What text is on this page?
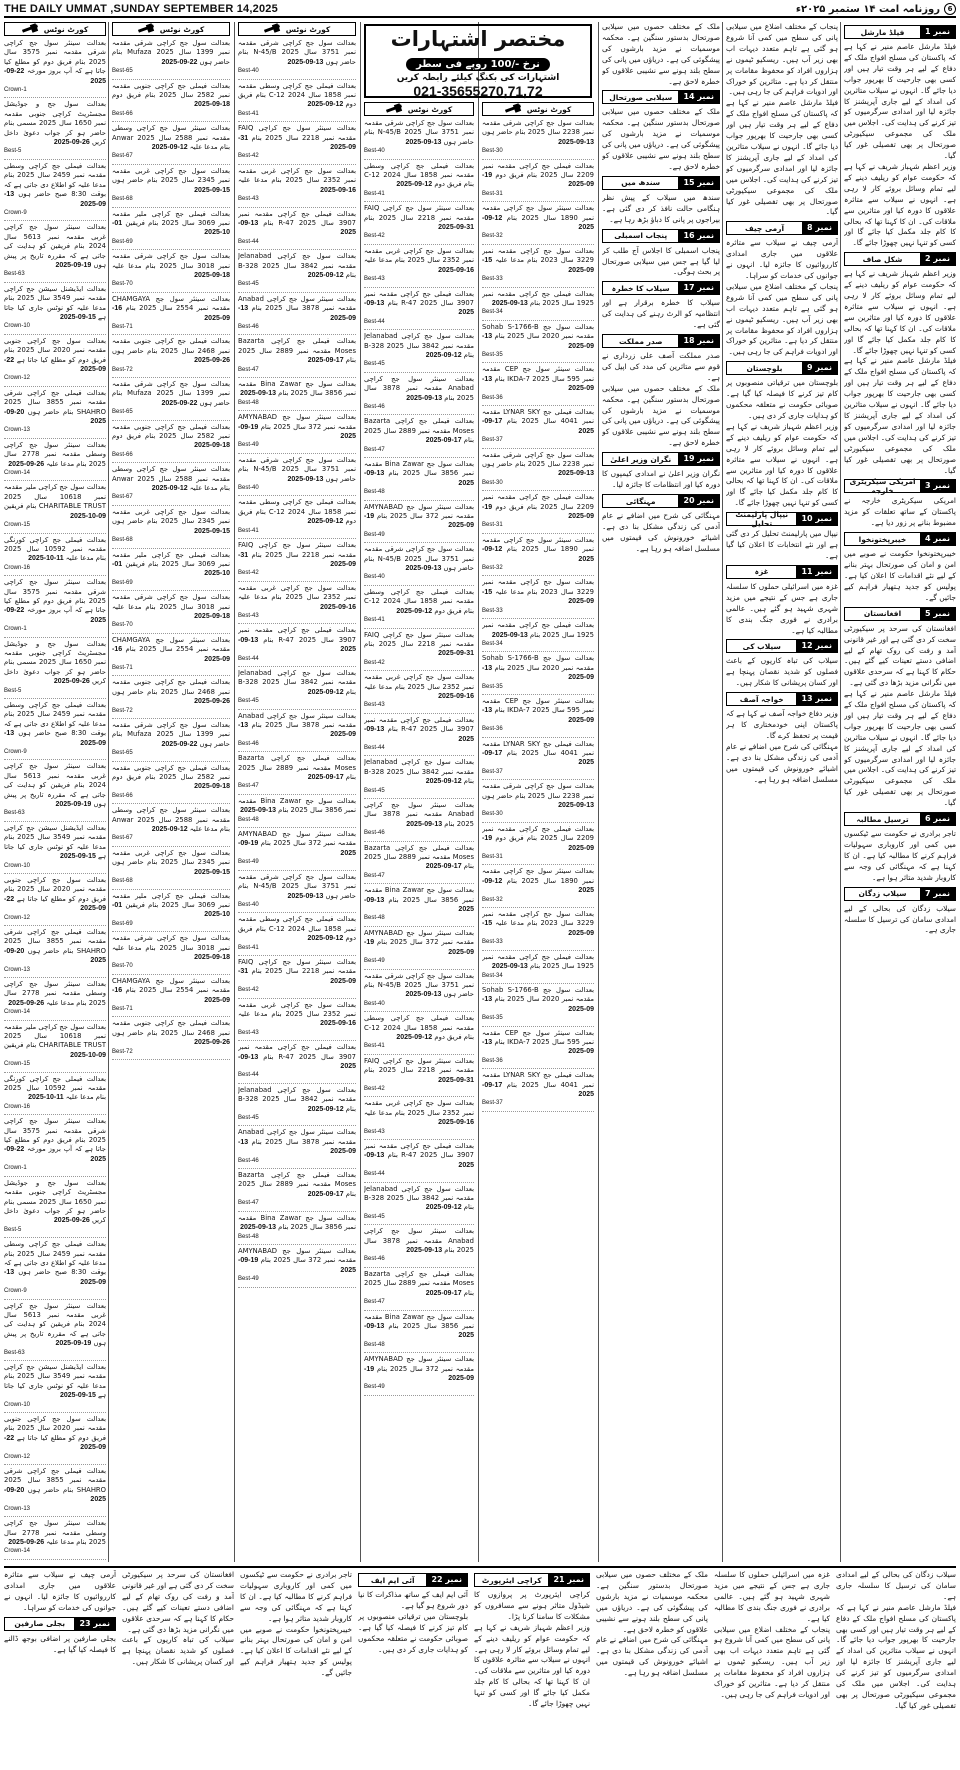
THE DAILY UMMAT ,SUNDAY SEPTEMBER 14,2025	روزنامہ امت ۱۴ ستمبر ۲۰۲۵ء	6
نمبر 1
فیلڈ مارشل
فیلڈ مارشل عاصم منیر نے کہا ہے کہ پاکستان کی مسلح افواج ملک کے دفاع کے لیے ہر وقت تیار ہیں اور کسی بھی جارحیت کا بھرپور جواب دیا جائے گا۔ انہوں نے سیلاب متاثرین کی امداد کے لیے جاری آپریشنز کا جائزہ لیا اور امدادی سرگرمیوں کو تیز کرنے کی ہدایت کی۔ اجلاس میں ملک کی مجموعی سیکیورٹی صورتحال پر بھی تفصیلی غور کیا گیا۔
وزیر اعظم شہباز شریف نے کہا ہے کہ حکومت عوام کو ریلیف دینے کے لیے تمام وسائل بروئے کار لا رہی ہے۔ انہوں نے سیلاب سے متاثرہ علاقوں کا دورہ کیا اور متاثرین سے ملاقات کی۔ ان کا کہنا تھا کہ بحالی کا کام جلد مکمل کیا جائے گا اور کسی کو تنہا نہیں چھوڑا جائے گا۔
نمبر 2
شکل صاف
وزیر اعظم شہباز شریف نے کہا ہے کہ حکومت عوام کو ریلیف دینے کے لیے تمام وسائل بروئے کار لا رہی ہے۔ انہوں نے سیلاب سے متاثرہ علاقوں کا دورہ کیا اور متاثرین سے ملاقات کی۔ ان کا کہنا تھا کہ بحالی کا کام جلد مکمل کیا جائے گا اور کسی کو تنہا نہیں چھوڑا جائے گا۔
فیلڈ مارشل عاصم منیر نے کہا ہے کہ پاکستان کی مسلح افواج ملک کے دفاع کے لیے ہر وقت تیار ہیں اور کسی بھی جارحیت کا بھرپور جواب دیا جائے گا۔ انہوں نے سیلاب متاثرین کی امداد کے لیے جاری آپریشنز کا جائزہ لیا اور امدادی سرگرمیوں کو تیز کرنے کی ہدایت کی۔ اجلاس میں ملک کی مجموعی سیکیورٹی صورتحال پر بھی تفصیلی غور کیا گیا۔
نمبر 3
امریکی سیکریٹری خارجہ
امریکی سیکریٹری خارجہ نے پاکستان کے ساتھ تعلقات کو مزید مضبوط بنانے پر زور دیا ہے۔
نمبر 4
خیبرپختونخوا
خیبرپختونخوا حکومت نے صوبے میں امن و امان کی صورتحال بہتر بنانے کے لیے نئے اقدامات کا اعلان کیا ہے۔ پولیس کو جدید ہتھیار فراہم کیے جائیں گے۔
نمبر 5
افغانستان
افغانستان کی سرحد پر سیکیورٹی سخت کر دی گئی ہے اور غیر قانونی آمد و رفت کی روک تھام کے لیے اضافی دستے تعینات کیے گئے ہیں۔ حکام کا کہنا ہے کہ سرحدی علاقوں میں نگرانی مزید بڑھا دی گئی ہے۔
فیلڈ مارشل عاصم منیر نے کہا ہے کہ پاکستان کی مسلح افواج ملک کے دفاع کے لیے ہر وقت تیار ہیں اور کسی بھی جارحیت کا بھرپور جواب دیا جائے گا۔ انہوں نے سیلاب متاثرین کی امداد کے لیے جاری آپریشنز کا جائزہ لیا اور امدادی سرگرمیوں کو تیز کرنے کی ہدایت کی۔ اجلاس میں ملک کی مجموعی سیکیورٹی صورتحال پر بھی تفصیلی غور کیا گیا۔
نمبر 6
ترسیل مطالبہ
تاجر برادری نے حکومت سے ٹیکسوں میں کمی اور کاروباری سہولیات فراہم کرنے کا مطالبہ کیا ہے۔ ان کا کہنا ہے کہ مہنگائی کی وجہ سے کاروبار شدید متاثر ہوا ہے۔
نمبر 7
سیلاب زدگان
سیلاب زدگان کی بحالی کے لیے امدادی سامان کی ترسیل کا سلسلہ جاری ہے۔
پنجاب کے مختلف اضلاع میں سیلابی پانی کی سطح میں کمی آنا شروع ہو گئی ہے تاہم متعدد دیہات اب بھی زیر آب ہیں۔ ریسکیو ٹیموں نے ہزاروں افراد کو محفوظ مقامات پر منتقل کر دیا ہے۔ متاثرین کو خوراک اور ادویات فراہم کی جا رہی ہیں۔
فیلڈ مارشل عاصم منیر نے کہا ہے کہ پاکستان کی مسلح افواج ملک کے دفاع کے لیے ہر وقت تیار ہیں اور کسی بھی جارحیت کا بھرپور جواب دیا جائے گا۔ انہوں نے سیلاب متاثرین کی امداد کے لیے جاری آپریشنز کا جائزہ لیا اور امدادی سرگرمیوں کو تیز کرنے کی ہدایت کی۔ اجلاس میں ملک کی مجموعی سیکیورٹی صورتحال پر بھی تفصیلی غور کیا گیا۔
نمبر 8
آرمی چیف
آرمی چیف نے سیلاب سے متاثرہ علاقوں میں جاری امدادی کارروائیوں کا جائزہ لیا۔ انہوں نے جوانوں کی خدمات کو سراہا۔
پنجاب کے مختلف اضلاع میں سیلابی پانی کی سطح میں کمی آنا شروع ہو گئی ہے تاہم متعدد دیہات اب بھی زیر آب ہیں۔ ریسکیو ٹیموں نے ہزاروں افراد کو محفوظ مقامات پر منتقل کر دیا ہے۔ متاثرین کو خوراک اور ادویات فراہم کی جا رہی ہیں۔
نمبر 9
بلوچستان
بلوچستان میں ترقیاتی منصوبوں پر کام تیز کرنے کا فیصلہ کیا گیا ہے۔ صوبائی حکومت نے متعلقہ محکموں کو ہدایات جاری کر دی ہیں۔
وزیر اعظم شہباز شریف نے کہا ہے کہ حکومت عوام کو ریلیف دینے کے لیے تمام وسائل بروئے کار لا رہی ہے۔ انہوں نے سیلاب سے متاثرہ علاقوں کا دورہ کیا اور متاثرین سے ملاقات کی۔ ان کا کہنا تھا کہ بحالی کا کام جلد مکمل کیا جائے گا اور کسی کو تنہا نہیں چھوڑا جائے گا۔
نمبر 10
نیپال پارلیمنٹ تحلیل
نیپال میں پارلیمنٹ تحلیل کر دی گئی ہے اور نئے انتخابات کا اعلان کیا گیا ہے۔
نمبر 11
غزہ
غزہ میں اسرائیلی حملوں کا سلسلہ جاری ہے جس کے نتیجے میں مزید شہری شہید ہو گئے ہیں۔ عالمی برادری نے فوری جنگ بندی کا مطالبہ کیا ہے۔
نمبر 12
سیلاب کی
سیلاب کی تباہ کاریوں کے باعث فصلوں کو شدید نقصان پہنچا ہے اور کسان پریشانی کا شکار ہیں۔
نمبر 13
خواجہ آصف
وزیر دفاع خواجہ آصف نے کہا ہے کہ پاکستان اپنی خودمختاری کا ہر قیمت پر تحفظ کرے گا۔
مہنگائی کی شرح میں اضافے نے عام آدمی کی زندگی مشکل بنا دی ہے۔ اشیائے خورونوش کی قیمتوں میں مسلسل اضافہ ہو رہا ہے۔
ملک کے مختلف حصوں میں سیلابی صورتحال بدستور سنگین ہے۔ محکمہ موسمیات نے مزید بارشوں کی پیشگوئی کی ہے۔ دریاؤں میں پانی کی سطح بلند ہونے سے نشیبی علاقوں کو خطرہ لاحق ہے۔
نمبر 14
سیلابی صورتحال
ملک کے مختلف حصوں میں سیلابی صورتحال بدستور سنگین ہے۔ محکمہ موسمیات نے مزید بارشوں کی پیشگوئی کی ہے۔ دریاؤں میں پانی کی سطح بلند ہونے سے نشیبی علاقوں کو خطرہ لاحق ہے۔
نمبر 15
سندھ میں
سندھ میں سیلاب کے پیش نظر ہنگامی حالت نافذ کر دی گئی ہے۔ بیراجوں پر پانی کا دباؤ بڑھ رہا ہے۔
نمبر 16
پنجاب اسمبلی
پنجاب اسمبلی کا اجلاس آج طلب کر لیا گیا ہے جس میں سیلابی صورتحال پر بحث ہوگی۔
نمبر 17
سیلاب کا خطرہ
سیلاب کا خطرہ برقرار ہے اور انتظامیہ کو الرٹ رہنے کی ہدایت کی گئی ہے۔
نمبر 18
صدر مملکت
صدر مملکت آصف علی زرداری نے قوم سے متاثرین کی مدد کی اپیل کی ہے۔
ملک کے مختلف حصوں میں سیلابی صورتحال بدستور سنگین ہے۔ محکمہ موسمیات نے مزید بارشوں کی پیشگوئی کی ہے۔ دریاؤں میں پانی کی سطح بلند ہونے سے نشیبی علاقوں کو خطرہ لاحق ہے۔
نمبر 19
نگران وزیر اعلیٰ
نگران وزیر اعلیٰ نے امدادی کیمپوں کا دورہ کیا اور انتظامات کا جائزہ لیا۔
نمبر 20
مہنگائی
مہنگائی کی شرح میں اضافے نے عام آدمی کی زندگی مشکل بنا دی ہے۔ اشیائے خورونوش کی قیمتوں میں مسلسل اضافہ ہو رہا ہے۔
مختصر اشتہارات
نرخ -/100 روپے فی سطر
اشتہارات کی بکنگ کیلئے رابطہ کریں
021-35655270,71,72
کورٹ نوٹس
بعدالت سول جج کراچی شرقی مقدمہ نمبر 2238 سال 2025 بنام حاضر ہوں 13-09-2025
Best-30
بعدالت فیملی جج کراچی مقدمہ نمبر 2209 سال 2025 بنام فریق دوم 19-09-2025
Best-31
بعدالت سینئر سول جج کراچی مقدمہ نمبر 1890 سال 2025 بنام 12-09-2025
Best-32
بعدالت سول جج کراچی مقدمہ نمبر 3229 سال 2023 بنام مدعا علیہ 15-09-2025
Best-33
بعدالت فیملی جج کراچی مقدمہ نمبر 1925 سال 2025 بنام 13-09-2025
Best-34
بعدالت سول جج Sohab S-1766-B مقدمہ نمبر 2020 سال 2025 بنام 13-09-2025
Best-35
بعدالت سینئر سول جج CEP مقدمہ نمبر 595 سال 2025 IKDA-7 بنام 13-09-2025
Best-36
بعدالت فیملی جج LYNAR SKY مقدمہ نمبر 4041 سال 2025 بنام 17-09-2025
Best-37
بعدالت سول جج کراچی شرقی مقدمہ نمبر 2238 سال 2025 بنام حاضر ہوں 13-09-2025
Best-30
بعدالت فیملی جج کراچی مقدمہ نمبر 2209 سال 2025 بنام فریق دوم 19-09-2025
Best-31
بعدالت سینئر سول جج کراچی مقدمہ نمبر 1890 سال 2025 بنام 12-09-2025
Best-32
بعدالت سول جج کراچی مقدمہ نمبر 3229 سال 2023 بنام مدعا علیہ 15-09-2025
Best-33
بعدالت فیملی جج کراچی مقدمہ نمبر 1925 سال 2025 بنام 13-09-2025
Best-34
بعدالت سول جج Sohab S-1766-B مقدمہ نمبر 2020 سال 2025 بنام 13-09-2025
Best-35
بعدالت سینئر سول جج CEP مقدمہ نمبر 595 سال 2025 IKDA-7 بنام 13-09-2025
Best-36
بعدالت فیملی جج LYNAR SKY مقدمہ نمبر 4041 سال 2025 بنام 17-09-2025
Best-37
بعدالت سول جج کراچی شرقی مقدمہ نمبر 2238 سال 2025 بنام حاضر ہوں 13-09-2025
Best-30
بعدالت فیملی جج کراچی مقدمہ نمبر 2209 سال 2025 بنام فریق دوم 19-09-2025
Best-31
بعدالت سینئر سول جج کراچی مقدمہ نمبر 1890 سال 2025 بنام 12-09-2025
Best-32
بعدالت سول جج کراچی مقدمہ نمبر 3229 سال 2023 بنام مدعا علیہ 15-09-2025
Best-33
بعدالت فیملی جج کراچی مقدمہ نمبر 1925 سال 2025 بنام 13-09-2025
Best-34
بعدالت سول جج Sohab S-1766-B مقدمہ نمبر 2020 سال 2025 بنام 13-09-2025
Best-35
بعدالت سینئر سول جج CEP مقدمہ نمبر 595 سال 2025 IKDA-7 بنام 13-09-2025
Best-36
بعدالت فیملی جج LYNAR SKY مقدمہ نمبر 4041 سال 2025 بنام 17-09-2025
Best-37
کورٹ نوٹس
بعدالت سول جج کراچی شرقی مقدمہ نمبر 3751 سال 2025 N-45/B بنام حاضر ہوں 13-09-2025
Best-40
بعدالت فیملی جج کراچی وسطی مقدمہ نمبر 1858 سال 2024 C-12 بنام فریق دوم 12-09-2025
Best-41
بعدالت سینئر سول جج کراچی FAIQ مقدمہ نمبر 2218 سال 2025 بنام 31-09-2025
Best-42
بعدالت سول جج کراچی غربی مقدمہ نمبر 2352 سال 2025 بنام مدعا علیہ 16-09-2025
Best-43
بعدالت فیملی جج کراچی مقدمہ نمبر 3907 سال 2025 R-47 بنام 13-09-2025
Best-44
بعدالت سول جج کراچی Jelanabad مقدمہ نمبر 3842 سال 2025 B-328 بنام 12-09-2025
Best-45
بعدالت سینئر سول جج کراچی Anabad مقدمہ نمبر 3878 سال 2025 بنام 13-09-2025
Best-46
بعدالت فیملی جج کراچی Bazarta Moses مقدمہ نمبر 2889 سال 2025 بنام 17-09-2025
Best-47
بعدالت سول جج Bina Zawar مقدمہ نمبر 3856 سال 2025 بنام 13-09-2025
Best-48
بعدالت سینئر سول جج AMYNABAD مقدمہ نمبر 372 سال 2025 بنام 19-09-2025
Best-49
بعدالت سول جج کراچی شرقی مقدمہ نمبر 3751 سال 2025 N-45/B بنام حاضر ہوں 13-09-2025
Best-40
بعدالت فیملی جج کراچی وسطی مقدمہ نمبر 1858 سال 2024 C-12 بنام فریق دوم 12-09-2025
Best-41
بعدالت سینئر سول جج کراچی FAIQ مقدمہ نمبر 2218 سال 2025 بنام 31-09-2025
Best-42
بعدالت سول جج کراچی غربی مقدمہ نمبر 2352 سال 2025 بنام مدعا علیہ 16-09-2025
Best-43
بعدالت فیملی جج کراچی مقدمہ نمبر 3907 سال 2025 R-47 بنام 13-09-2025
Best-44
بعدالت سول جج کراچی Jelanabad مقدمہ نمبر 3842 سال 2025 B-328 بنام 12-09-2025
Best-45
بعدالت سینئر سول جج کراچی Anabad مقدمہ نمبر 3878 سال 2025 بنام 13-09-2025
Best-46
بعدالت فیملی جج کراچی Bazarta Moses مقدمہ نمبر 2889 سال 2025 بنام 17-09-2025
Best-47
بعدالت سول جج Bina Zawar مقدمہ نمبر 3856 سال 2025 بنام 13-09-2025
Best-48
بعدالت سینئر سول جج AMYNABAD مقدمہ نمبر 372 سال 2025 بنام 19-09-2025
Best-49
بعدالت سول جج کراچی شرقی مقدمہ نمبر 3751 سال 2025 N-45/B بنام حاضر ہوں 13-09-2025
Best-40
بعدالت فیملی جج کراچی وسطی مقدمہ نمبر 1858 سال 2024 C-12 بنام فریق دوم 12-09-2025
Best-41
بعدالت سینئر سول جج کراچی FAIQ مقدمہ نمبر 2218 سال 2025 بنام 31-09-2025
Best-42
بعدالت سول جج کراچی غربی مقدمہ نمبر 2352 سال 2025 بنام مدعا علیہ 16-09-2025
Best-43
بعدالت فیملی جج کراچی مقدمہ نمبر 3907 سال 2025 R-47 بنام 13-09-2025
Best-44
بعدالت سول جج کراچی Jelanabad مقدمہ نمبر 3842 سال 2025 B-328 بنام 12-09-2025
Best-45
بعدالت سینئر سول جج کراچی Anabad مقدمہ نمبر 3878 سال 2025 بنام 13-09-2025
Best-46
بعدالت فیملی جج کراچی Bazarta Moses مقدمہ نمبر 2889 سال 2025 بنام 17-09-2025
Best-47
بعدالت سول جج Bina Zawar مقدمہ نمبر 3856 سال 2025 بنام 13-09-2025
Best-48
بعدالت سینئر سول جج AMYNABAD مقدمہ نمبر 372 سال 2025 بنام 19-09-2025
Best-49
کورٹ نوٹس
بعدالت سول جج کراچی شرقی مقدمہ نمبر 3751 سال 2025 N-45/B بنام حاضر ہوں 13-09-2025
Best-40
بعدالت فیملی جج کراچی وسطی مقدمہ نمبر 1858 سال 2024 C-12 بنام فریق دوم 12-09-2025
Best-41
بعدالت سینئر سول جج کراچی FAIQ مقدمہ نمبر 2218 سال 2025 بنام 31-09-2025
Best-42
بعدالت سول جج کراچی غربی مقدمہ نمبر 2352 سال 2025 بنام مدعا علیہ 16-09-2025
Best-43
بعدالت فیملی جج کراچی مقدمہ نمبر 3907 سال 2025 R-47 بنام 13-09-2025
Best-44
بعدالت سول جج کراچی Jelanabad مقدمہ نمبر 3842 سال 2025 B-328 بنام 12-09-2025
Best-45
بعدالت سینئر سول جج کراچی Anabad مقدمہ نمبر 3878 سال 2025 بنام 13-09-2025
Best-46
بعدالت فیملی جج کراچی Bazarta Moses مقدمہ نمبر 2889 سال 2025 بنام 17-09-2025
Best-47
بعدالت سول جج Bina Zawar مقدمہ نمبر 3856 سال 2025 بنام 13-09-2025
Best-48
بعدالت سینئر سول جج AMYNABAD مقدمہ نمبر 372 سال 2025 بنام 19-09-2025
Best-49
بعدالت سول جج کراچی شرقی مقدمہ نمبر 3751 سال 2025 N-45/B بنام حاضر ہوں 13-09-2025
Best-40
بعدالت فیملی جج کراچی وسطی مقدمہ نمبر 1858 سال 2024 C-12 بنام فریق دوم 12-09-2025
Best-41
بعدالت سینئر سول جج کراچی FAIQ مقدمہ نمبر 2218 سال 2025 بنام 31-09-2025
Best-42
بعدالت سول جج کراچی غربی مقدمہ نمبر 2352 سال 2025 بنام مدعا علیہ 16-09-2025
Best-43
بعدالت فیملی جج کراچی مقدمہ نمبر 3907 سال 2025 R-47 بنام 13-09-2025
Best-44
بعدالت سول جج کراچی Jelanabad مقدمہ نمبر 3842 سال 2025 B-328 بنام 12-09-2025
Best-45
بعدالت سینئر سول جج کراچی Anabad مقدمہ نمبر 3878 سال 2025 بنام 13-09-2025
Best-46
بعدالت فیملی جج کراچی Bazarta Moses مقدمہ نمبر 2889 سال 2025 بنام 17-09-2025
Best-47
بعدالت سول جج Bina Zawar مقدمہ نمبر 3856 سال 2025 بنام 13-09-2025
Best-48
بعدالت سینئر سول جج AMYNABAD مقدمہ نمبر 372 سال 2025 بنام 19-09-2025
Best-49
بعدالت سول جج کراچی شرقی مقدمہ نمبر 3751 سال 2025 N-45/B بنام حاضر ہوں 13-09-2025
Best-40
بعدالت فیملی جج کراچی وسطی مقدمہ نمبر 1858 سال 2024 C-12 بنام فریق دوم 12-09-2025
Best-41
بعدالت سینئر سول جج کراچی FAIQ مقدمہ نمبر 2218 سال 2025 بنام 31-09-2025
Best-42
بعدالت سول جج کراچی غربی مقدمہ نمبر 2352 سال 2025 بنام مدعا علیہ 16-09-2025
Best-43
بعدالت فیملی جج کراچی مقدمہ نمبر 3907 سال 2025 R-47 بنام 13-09-2025
Best-44
بعدالت سول جج کراچی Jelanabad مقدمہ نمبر 3842 سال 2025 B-328 بنام 12-09-2025
Best-45
بعدالت سینئر سول جج کراچی Anabad مقدمہ نمبر 3878 سال 2025 بنام 13-09-2025
Best-46
بعدالت فیملی جج کراچی Bazarta Moses مقدمہ نمبر 2889 سال 2025 بنام 17-09-2025
Best-47
بعدالت سول جج Bina Zawar مقدمہ نمبر 3856 سال 2025 بنام 13-09-2025
Best-48
بعدالت سینئر سول جج AMYNABAD مقدمہ نمبر 372 سال 2025 بنام 19-09-2025
Best-49
کورٹ نوٹس
بعدالت سول جج کراچی شرقی مقدمہ نمبر 1399 سال 2025 Mufaza بنام حاضر ہوں 22-09-2025
Best-65
بعدالت فیملی جج کراچی جنوبی مقدمہ نمبر 2582 سال 2025 بنام فریق دوم 18-09-2025
Best-66
بعدالت سینئر سول جج کراچی وسطی مقدمہ نمبر 2588 سال 2025 Anwar بنام مدعا علیہ 12-09-2025
Best-67
بعدالت سول جج کراچی غربی مقدمہ نمبر 2345 سال 2025 بنام حاضر ہوں 15-09-2025
Best-68
بعدالت فیملی جج کراچی ملیر مقدمہ نمبر 3069 سال 2025 بنام فریقین 01-10-2025
Best-69
بعدالت سول جج کراچی شرقی مقدمہ نمبر 3018 سال 2025 بنام مدعا علیہ 18-09-2025
Best-70
بعدالت سینئر سول جج CHAMGAYA مقدمہ نمبر 2554 سال 2025 بنام 16-09-2025
Best-71
بعدالت فیملی جج کراچی جنوبی مقدمہ نمبر 2468 سال 2025 بنام حاضر ہوں 26-09-2025
Best-72
بعدالت سول جج کراچی شرقی مقدمہ نمبر 1399 سال 2025 Mufaza بنام حاضر ہوں 22-09-2025
Best-65
بعدالت فیملی جج کراچی جنوبی مقدمہ نمبر 2582 سال 2025 بنام فریق دوم 18-09-2025
Best-66
بعدالت سینئر سول جج کراچی وسطی مقدمہ نمبر 2588 سال 2025 Anwar بنام مدعا علیہ 12-09-2025
Best-67
بعدالت سول جج کراچی غربی مقدمہ نمبر 2345 سال 2025 بنام حاضر ہوں 15-09-2025
Best-68
بعدالت فیملی جج کراچی ملیر مقدمہ نمبر 3069 سال 2025 بنام فریقین 01-10-2025
Best-69
بعدالت سول جج کراچی شرقی مقدمہ نمبر 3018 سال 2025 بنام مدعا علیہ 18-09-2025
Best-70
بعدالت سینئر سول جج CHAMGAYA مقدمہ نمبر 2554 سال 2025 بنام 16-09-2025
Best-71
بعدالت فیملی جج کراچی جنوبی مقدمہ نمبر 2468 سال 2025 بنام حاضر ہوں 26-09-2025
Best-72
بعدالت سول جج کراچی شرقی مقدمہ نمبر 1399 سال 2025 Mufaza بنام حاضر ہوں 22-09-2025
Best-65
بعدالت فیملی جج کراچی جنوبی مقدمہ نمبر 2582 سال 2025 بنام فریق دوم 18-09-2025
Best-66
بعدالت سینئر سول جج کراچی وسطی مقدمہ نمبر 2588 سال 2025 Anwar بنام مدعا علیہ 12-09-2025
Best-67
بعدالت سول جج کراچی غربی مقدمہ نمبر 2345 سال 2025 بنام حاضر ہوں 15-09-2025
Best-68
بعدالت فیملی جج کراچی ملیر مقدمہ نمبر 3069 سال 2025 بنام فریقین 01-10-2025
Best-69
بعدالت سول جج کراچی شرقی مقدمہ نمبر 3018 سال 2025 بنام مدعا علیہ 18-09-2025
Best-70
بعدالت سینئر سول جج CHAMGAYA مقدمہ نمبر 2554 سال 2025 بنام 16-09-2025
Best-71
بعدالت فیملی جج کراچی جنوبی مقدمہ نمبر 2468 سال 2025 بنام حاضر ہوں 26-09-2025
Best-72
کورٹ نوٹس
بعدالت سینئر سول جج کراچی شرقی مقدمہ نمبر 3575 سال 2025 بنام فریق دوم کو مطلع کیا جاتا ہے کہ آپ بروز مورخہ 22-09-2025
Crown-1
بعدالت سول جج و جوڈیشل مجسٹریٹ کراچی جنوبی مقدمہ نمبر 1650 سال 2025 مسمی بنام حاضر ہو کر جواب دعویٰ داخل کریں 26-09-2025
Best-5
بعدالت فیملی جج کراچی وسطی مقدمہ نمبر 2459 سال 2025 بنام مدعا علیہ کو اطلاع دی جاتی ہے کہ بوقت 8:30 صبح حاضر ہوں 13-09-2025
Crown-9
بعدالت سینئر سول جج کراچی غربی مقدمہ نمبر 5613 سال 2024 بنام فریقین کو ہدایت کی جاتی ہے کہ مقررہ تاریخ پر پیش ہوں 19-09-2025
Best-63
بعدالت ایڈیشنل سیشن جج کراچی مقدمہ نمبر 3549 سال 2025 بنام مدعا علیہ کو نوٹس جاری کیا جاتا ہے 15-09-2025
Crown-10
بعدالت سول جج کراچی جنوبی مقدمہ نمبر 2020 سال 2025 بنام فریق دوم کو مطلع کیا جاتا ہے 22-09-2025
Crown-12
بعدالت فیملی جج کراچی شرقی مقدمہ نمبر 3855 سال 2025 SHAHRO بنام حاضر ہوں 20-09-2025
Crown-13
بعدالت سینئر سول جج کراچی وسطی مقدمہ نمبر 2778 سال 2025 بنام مدعا علیہ 26-09-2025
Crown-14
بعدالت سول جج کراچی ملیر مقدمہ نمبر 10618 سال 2025 CHARITABLE TRUST بنام فریقین 09-10-2025
Crown-15
بعدالت فیملی جج کراچی کورنگی مقدمہ نمبر 10592 سال 2025 بنام مدعا علیہ 11-10-2025
Crown-16
بعدالت سینئر سول جج کراچی شرقی مقدمہ نمبر 3575 سال 2025 بنام فریق دوم کو مطلع کیا جاتا ہے کہ آپ بروز مورخہ 22-09-2025
Crown-1
بعدالت سول جج و جوڈیشل مجسٹریٹ کراچی جنوبی مقدمہ نمبر 1650 سال 2025 مسمی بنام حاضر ہو کر جواب دعویٰ داخل کریں 26-09-2025
Best-5
بعدالت فیملی جج کراچی وسطی مقدمہ نمبر 2459 سال 2025 بنام مدعا علیہ کو اطلاع دی جاتی ہے کہ بوقت 8:30 صبح حاضر ہوں 13-09-2025
Crown-9
بعدالت سینئر سول جج کراچی غربی مقدمہ نمبر 5613 سال 2024 بنام فریقین کو ہدایت کی جاتی ہے کہ مقررہ تاریخ پر پیش ہوں 19-09-2025
Best-63
بعدالت ایڈیشنل سیشن جج کراچی مقدمہ نمبر 3549 سال 2025 بنام مدعا علیہ کو نوٹس جاری کیا جاتا ہے 15-09-2025
Crown-10
بعدالت سول جج کراچی جنوبی مقدمہ نمبر 2020 سال 2025 بنام فریق دوم کو مطلع کیا جاتا ہے 22-09-2025
Crown-12
بعدالت فیملی جج کراچی شرقی مقدمہ نمبر 3855 سال 2025 SHAHRO بنام حاضر ہوں 20-09-2025
Crown-13
بعدالت سینئر سول جج کراچی وسطی مقدمہ نمبر 2778 سال 2025 بنام مدعا علیہ 26-09-2025
Crown-14
بعدالت سول جج کراچی ملیر مقدمہ نمبر 10618 سال 2025 CHARITABLE TRUST بنام فریقین 09-10-2025
Crown-15
بعدالت فیملی جج کراچی کورنگی مقدمہ نمبر 10592 سال 2025 بنام مدعا علیہ 11-10-2025
Crown-16
بعدالت سینئر سول جج کراچی شرقی مقدمہ نمبر 3575 سال 2025 بنام فریق دوم کو مطلع کیا جاتا ہے کہ آپ بروز مورخہ 22-09-2025
Crown-1
بعدالت سول جج و جوڈیشل مجسٹریٹ کراچی جنوبی مقدمہ نمبر 1650 سال 2025 مسمی بنام حاضر ہو کر جواب دعویٰ داخل کریں 26-09-2025
Best-5
بعدالت فیملی جج کراچی وسطی مقدمہ نمبر 2459 سال 2025 بنام مدعا علیہ کو اطلاع دی جاتی ہے کہ بوقت 8:30 صبح حاضر ہوں 13-09-2025
Crown-9
بعدالت سینئر سول جج کراچی غربی مقدمہ نمبر 5613 سال 2024 بنام فریقین کو ہدایت کی جاتی ہے کہ مقررہ تاریخ پر پیش ہوں 19-09-2025
Best-63
بعدالت ایڈیشنل سیشن جج کراچی مقدمہ نمبر 3549 سال 2025 بنام مدعا علیہ کو نوٹس جاری کیا جاتا ہے 15-09-2025
Crown-10
بعدالت سول جج کراچی جنوبی مقدمہ نمبر 2020 سال 2025 بنام فریق دوم کو مطلع کیا جاتا ہے 22-09-2025
Crown-12
بعدالت فیملی جج کراچی شرقی مقدمہ نمبر 3855 سال 2025 SHAHRO بنام حاضر ہوں 20-09-2025
Crown-13
بعدالت سینئر سول جج کراچی وسطی مقدمہ نمبر 2778 سال 2025 بنام مدعا علیہ 26-09-2025
Crown-14
سیلاب زدگان کی بحالی کے لیے امدادی سامان کی ترسیل کا سلسلہ جاری ہے۔
فیلڈ مارشل عاصم منیر نے کہا ہے کہ پاکستان کی مسلح افواج ملک کے دفاع کے لیے ہر وقت تیار ہیں اور کسی بھی جارحیت کا بھرپور جواب دیا جائے گا۔ انہوں نے سیلاب متاثرین کی امداد کے لیے جاری آپریشنز کا جائزہ لیا اور امدادی سرگرمیوں کو تیز کرنے کی ہدایت کی۔ اجلاس میں ملک کی مجموعی سیکیورٹی صورتحال پر بھی تفصیلی غور کیا گیا۔
غزہ میں اسرائیلی حملوں کا سلسلہ جاری ہے جس کے نتیجے میں مزید شہری شہید ہو گئے ہیں۔ عالمی برادری نے فوری جنگ بندی کا مطالبہ کیا ہے۔
پنجاب کے مختلف اضلاع میں سیلابی پانی کی سطح میں کمی آنا شروع ہو گئی ہے تاہم متعدد دیہات اب بھی زیر آب ہیں۔ ریسکیو ٹیموں نے ہزاروں افراد کو محفوظ مقامات پر منتقل کر دیا ہے۔ متاثرین کو خوراک اور ادویات فراہم کی جا رہی ہیں۔
ملک کے مختلف حصوں میں سیلابی صورتحال بدستور سنگین ہے۔ محکمہ موسمیات نے مزید بارشوں کی پیشگوئی کی ہے۔ دریاؤں میں پانی کی سطح بلند ہونے سے نشیبی علاقوں کو خطرہ لاحق ہے۔
مہنگائی کی شرح میں اضافے نے عام آدمی کی زندگی مشکل بنا دی ہے۔ اشیائے خورونوش کی قیمتوں میں مسلسل اضافہ ہو رہا ہے۔
نمبر 21
کراچی ایئرپورٹ
کراچی ایئرپورٹ پر پروازوں کا شیڈول متاثر ہونے سے مسافروں کو مشکلات کا سامنا کرنا پڑا۔
وزیر اعظم شہباز شریف نے کہا ہے کہ حکومت عوام کو ریلیف دینے کے لیے تمام وسائل بروئے کار لا رہی ہے۔ انہوں نے سیلاب سے متاثرہ علاقوں کا دورہ کیا اور متاثرین سے ملاقات کی۔ ان کا کہنا تھا کہ بحالی کا کام جلد مکمل کیا جائے گا اور کسی کو تنہا نہیں چھوڑا جائے گا۔
نمبر 22
آئی ایم ایف
آئی ایم ایف کے ساتھ مذاکرات کا نیا دور شروع ہو گیا ہے۔
بلوچستان میں ترقیاتی منصوبوں پر کام تیز کرنے کا فیصلہ کیا گیا ہے۔ صوبائی حکومت نے متعلقہ محکموں کو ہدایات جاری کر دی ہیں۔
تاجر برادری نے حکومت سے ٹیکسوں میں کمی اور کاروباری سہولیات فراہم کرنے کا مطالبہ کیا ہے۔ ان کا کہنا ہے کہ مہنگائی کی وجہ سے کاروبار شدید متاثر ہوا ہے۔
خیبرپختونخوا حکومت نے صوبے میں امن و امان کی صورتحال بہتر بنانے کے لیے نئے اقدامات کا اعلان کیا ہے۔ پولیس کو جدید ہتھیار فراہم کیے جائیں گے۔
افغانستان کی سرحد پر سیکیورٹی سخت کر دی گئی ہے اور غیر قانونی آمد و رفت کی روک تھام کے لیے اضافی دستے تعینات کیے گئے ہیں۔ حکام کا کہنا ہے کہ سرحدی علاقوں میں نگرانی مزید بڑھا دی گئی ہے۔
سیلاب کی تباہ کاریوں کے باعث فصلوں کو شدید نقصان پہنچا ہے اور کسان پریشانی کا شکار ہیں۔
آرمی چیف نے سیلاب سے متاثرہ علاقوں میں جاری امدادی کارروائیوں کا جائزہ لیا۔ انہوں نے جوانوں کی خدمات کو سراہا۔
نمبر 23
بجلی صارفین
بجلی صارفین پر اضافی بوجھ ڈالنے کا فیصلہ کیا گیا ہے۔
